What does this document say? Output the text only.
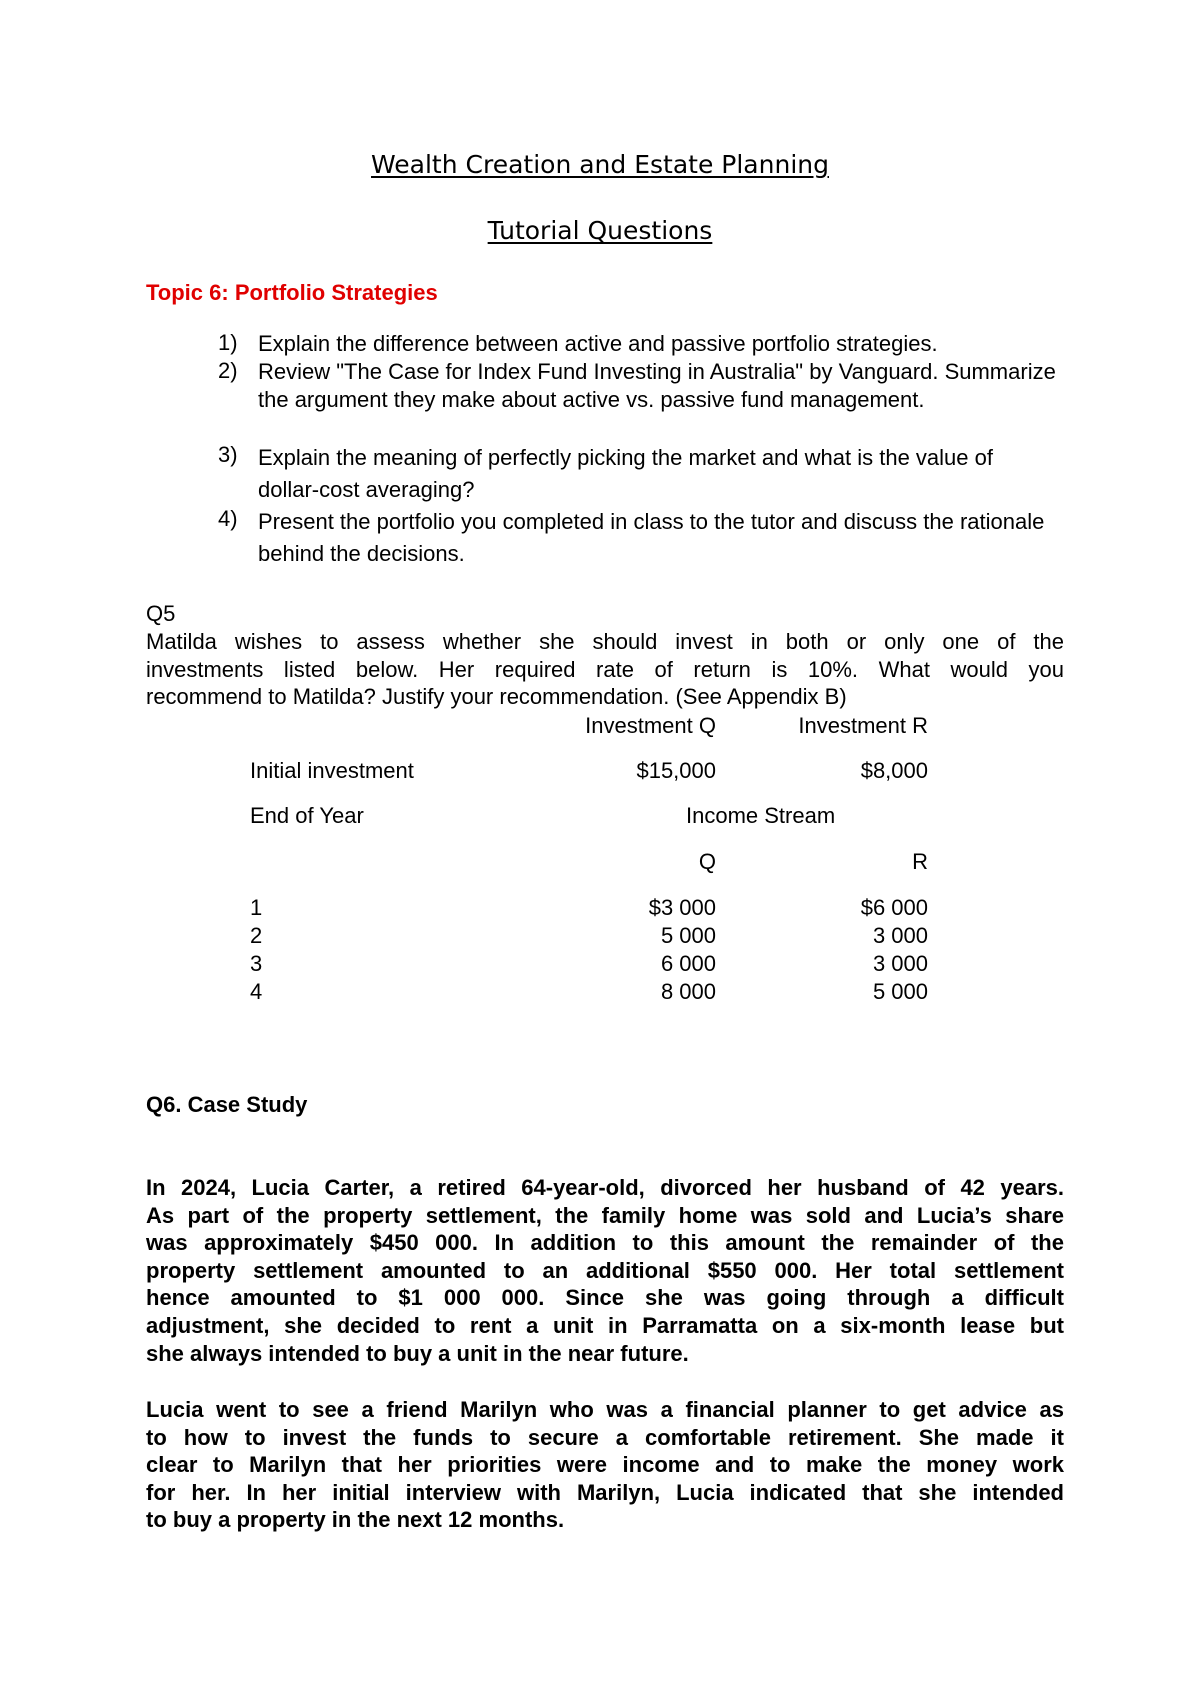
Wealth Creation and Estate Planning
Tutorial Questions
Topic 6: Portfolio Strategies
1) Explain the difference between active and passive portfolio strategies.
2) Review "The Case for Index Fund Investing in Australia" by Vanguard. Summarize the argument they make about active vs. passive fund management.
3) Explain the meaning of perfectly picking the market and what is the value of dollar-cost averaging?
4) Present the portfolio you completed in class to the tutor and discuss the rationale behind the decisions.
Q5
Matilda wishes to assess whether she should invest in both or only one of the
investments listed below. Her required rate of return is 10%. What would you
recommend to Matilda? Justify your recommendation. (See Appendix B)
Investment Q	Investment R
Initial investment	$15,000	$8,000
End of Year	Income Stream
Q	R
1	$3 000	$6 000
2	5 000	3 000
3	6 000	3 000
4	8 000	5 000
Q6. Case Study
In 2024, Lucia Carter, a retired 64-year-old, divorced her husband of 42 years.
As part of the property settlement, the family home was sold and Lucia’s share
was approximately $450 000. In addition to this amount the remainder of the
property settlement amounted to an additional $550 000. Her total settlement
hence amounted to $1 000 000. Since she was going through a difficult
adjustment, she decided to rent a unit in Parramatta on a six-month lease but
she always intended to buy a unit in the near future.
Lucia went to see a friend Marilyn who was a financial planner to get advice as
to how to invest the funds to secure a comfortable retirement. She made it
clear to Marilyn that her priorities were income and to make the money work
for her. In her initial interview with Marilyn, Lucia indicated that she intended
to buy a property in the next 12 months.
